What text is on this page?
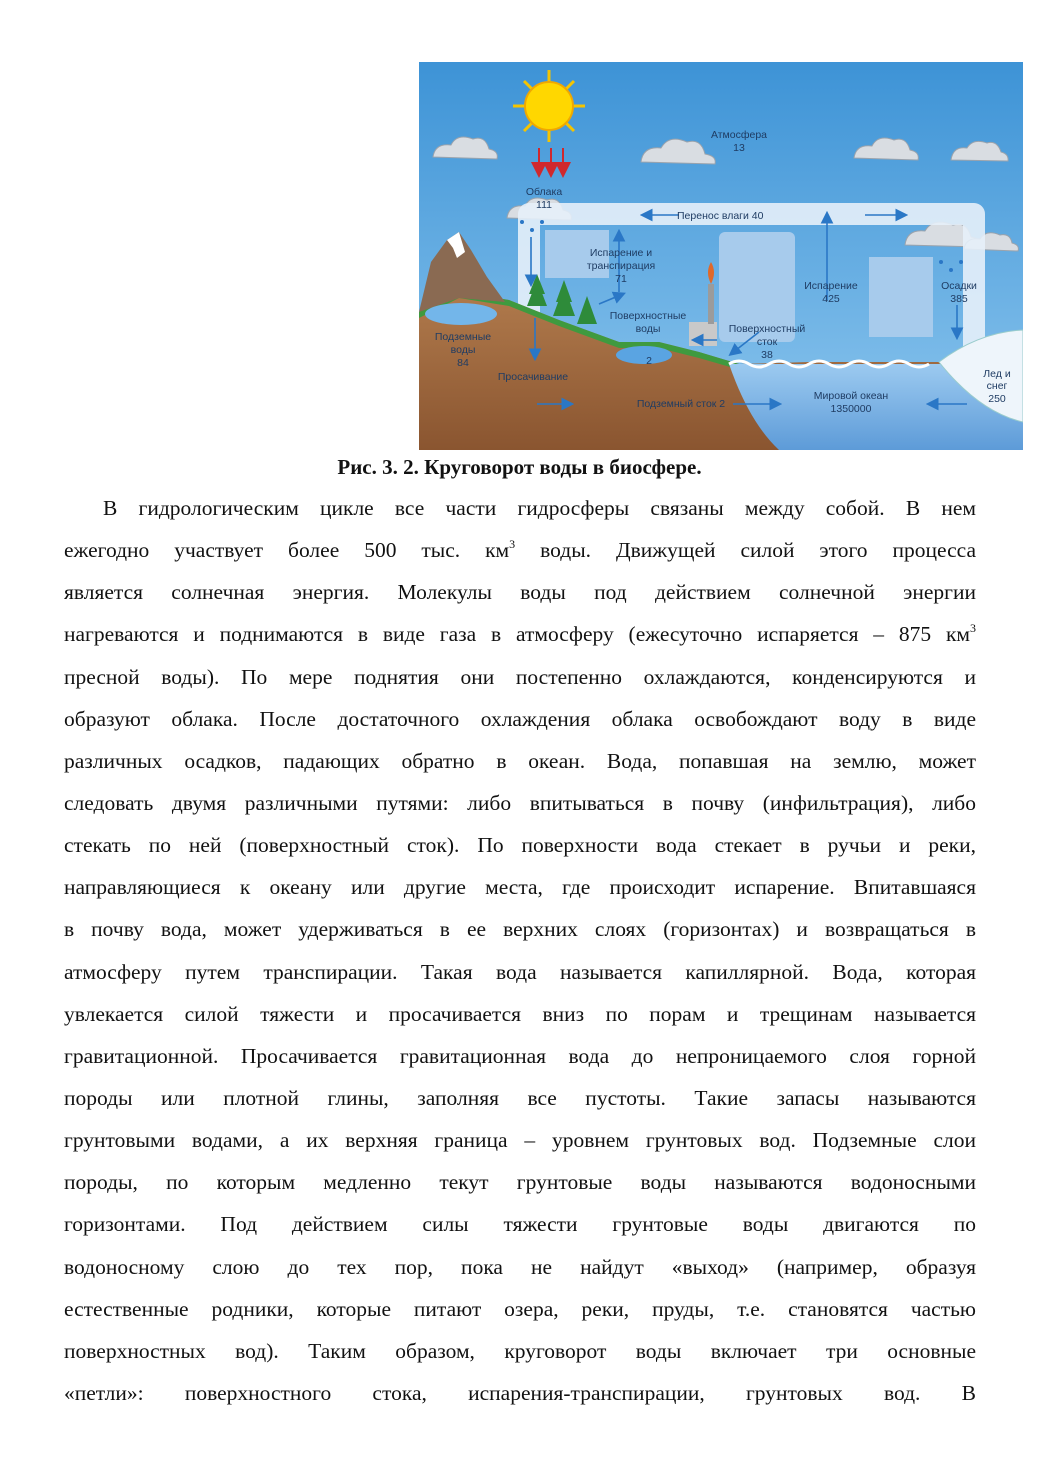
Атмосфера
13
Облака
111
Перенос влаги 40
Испарение и
транспирация
71
Поверхностные
воды
2
Поверхностный
сток
38
Испарение
425
Осадки
385
Подземные
воды
84
Просачивание
Подземный сток 2
Мировой океан
1350000
Лед и
снег
250
Рис. 3. 2. Круговорот воды в биосфере.
В гидрологическим цикле все части гидросферы связаны между собой. В нем
ежегодно участвует более 500 тыс. $км^3$ воды. Движущей силой этого процесса
является солнечная энергия. Молекулы воды под действием солнечной энергии
нагреваются и поднимаются в виде газа в атмосферу (ежесуточно испаряется – 875 $км^3$
пресной воды). По мере поднятия они постепенно охлаждаются, конденсируются и
образуют облака. После достаточного охлаждения облака освобождают воду в виде
различных осадков, падающих обратно в океан. Вода, попавшая на землю, может
следовать двумя различными путями: либо впитываться в почву (инфильтрация), либо
стекать по ней (поверхностный сток). По поверхности вода стекает в ручьи и реки,
направляющиеся к океану или другие места, где происходит испарение. Впитавшаяся
в почву вода, может удерживаться в ее верхних слоях (горизонтах) и возвращаться в
атмосферу путем транспирации. Такая вода называется капиллярной. Вода, которая
увлекается силой тяжести и просачивается вниз по порам и трещинам называется
гравитационной. Просачивается гравитационная вода до непроницаемого слоя горной
породы или плотной глины, заполняя все пустоты. Такие запасы называются
грунтовыми водами, а их верхняя граница – уровнем грунтовых вод. Подземные слои
породы, по которым медленно текут грунтовые воды называются водоносными
горизонтами. Под действием силы тяжести грунтовые воды двигаются по
водоносному слою до тех пор, пока не найдут «выход» (например, образуя
естественные родники, которые питают озера, реки, пруды, т.е. становятся частью
поверхностных вод). Таким образом, круговорот воды включает три основные
«петли»: поверхностного стока, испарения-транспирации, грунтовых вод. В
